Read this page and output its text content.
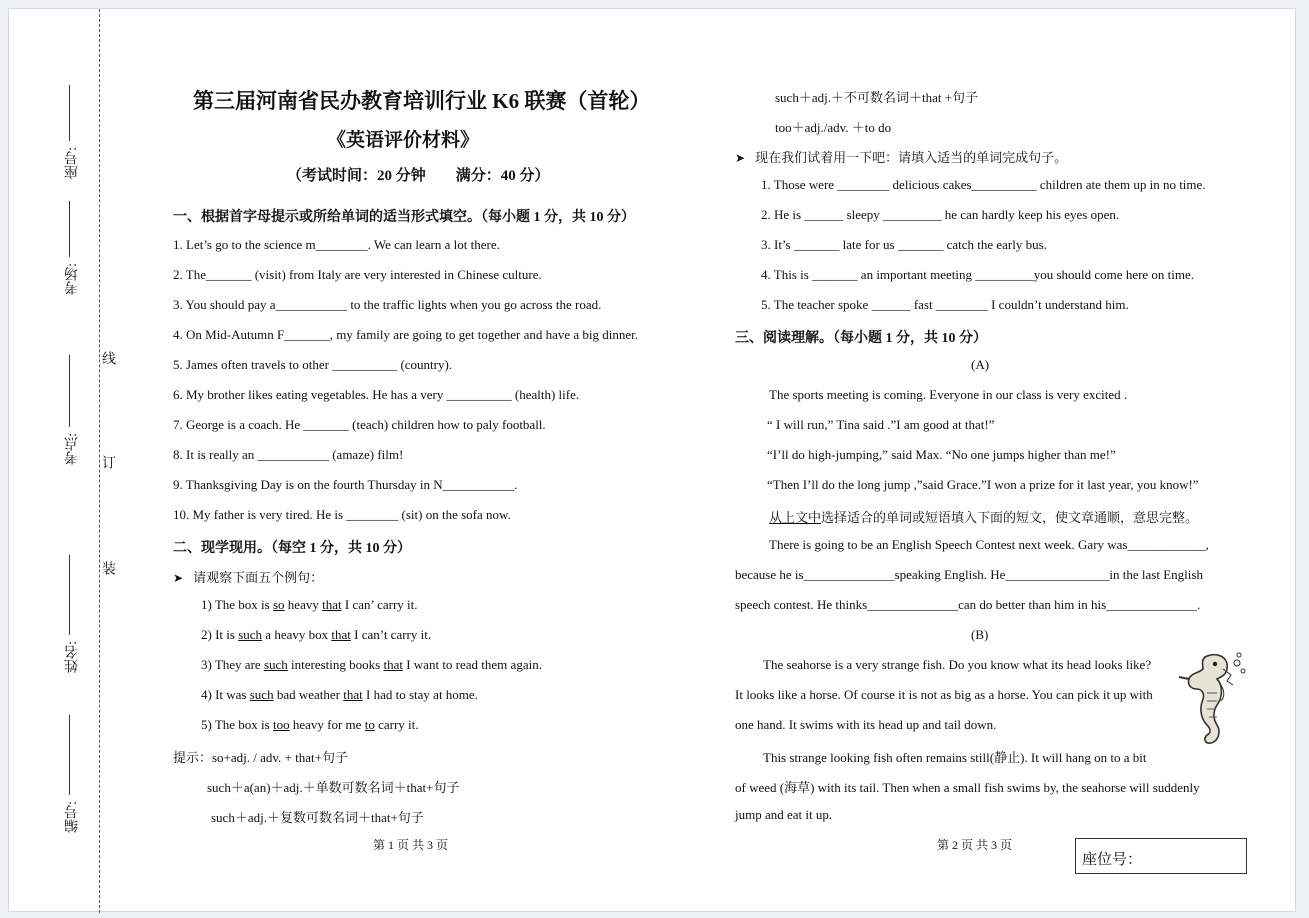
座号:
考场:
考点:
姓名:
编号:
线
订
装
第三届河南省民办教育培训行业 K6 联赛（首轮）
《英语评价材料》
（考试时间：20 分钟　　满分：40 分）
一、根据首字母提示或所给单词的适当形式填空。（每小题 1 分，共 10 分）
1. Let’s go to the science m________. We can learn a lot there.
2. The_______ (visit) from Italy are very interested in Chinese culture.
3. You should pay a___________ to the traffic lights when you go across the road.
4. On Mid-Autumn F_______, my family are going to get together and have a big dinner.
5. James often travels to other __________ (country).
6. My brother likes eating vegetables. He has a very __________ (health) life.
7. George is a coach. He _______ (teach) children how to paly football.
8. It is really an ___________ (amaze) film!
9. Thanksgiving Day is on the fourth Thursday in N___________.
10. My father is very tired. He is ________ (sit) on the sofa now.
二、现学现用。（每空 1 分，共 10 分）
➤ 请观察下面五个例句：
1) The box is so heavy that I can’ carry it.
2) It is such a heavy box that I can’t carry it.
3) They are such interesting books that I want to read them again.
4) It was such bad weather that I had to stay at home.
5) The box is too heavy for me to carry it.
提示：so+adj. / adv. + that+句子
such＋a(an)＋adj.＋单数可数名词＋that+句子
such＋adj.＋复数可数名词＋that+句子
第 1 页 共 3 页
such＋adj.＋不可数名词＋that +句子
too＋adj./adv. ＋to do
➤ 现在我们试着用一下吧：请填入适当的单词完成句子。
1. Those were ________ delicious cakes__________ children ate them up in no time.
2. He is ______ sleepy _________ he can hardly keep his eyes open.
3. It’s _______ late for us _______ catch the early bus.
4. This is _______ an important meeting _________you should come here on time.
5. The teacher spoke ______ fast ________ I couldn’t understand him.
三、阅读理解。（每小题 1 分，共 10 分）
(A)
The sports meeting is coming. Everyone in our class is very excited .
“ I will run,” Tina said .”I am good at that!”
“I’ll do high-jumping,” said Max. “No one jumps higher than me!”
“Then I’ll do the long jump ,”said Grace.”I won a prize for it last year, you know!”
从上文中选择适合的单词或短语填入下面的短文，使文章通顺，意思完整。
There is going to be an English Speech Contest next week. Gary was____________,
because he is______________speaking English. He________________in the last English
speech contest. He thinks______________can do better than him in his______________.
(B)
The seahorse is a very strange fish. Do you know what its head looks like?
It looks like a horse. Of course it is not as big as a horse. You can pick it up with
one hand. It swims with its head up and tail down.
This strange looking fish often remains still(静止). It will hang on to a bit
of weed (海草) with its tail. Then when a small fish swims by, the seahorse will suddenly
jump and eat it up.
第 2 页 共 3 页
座位号：
